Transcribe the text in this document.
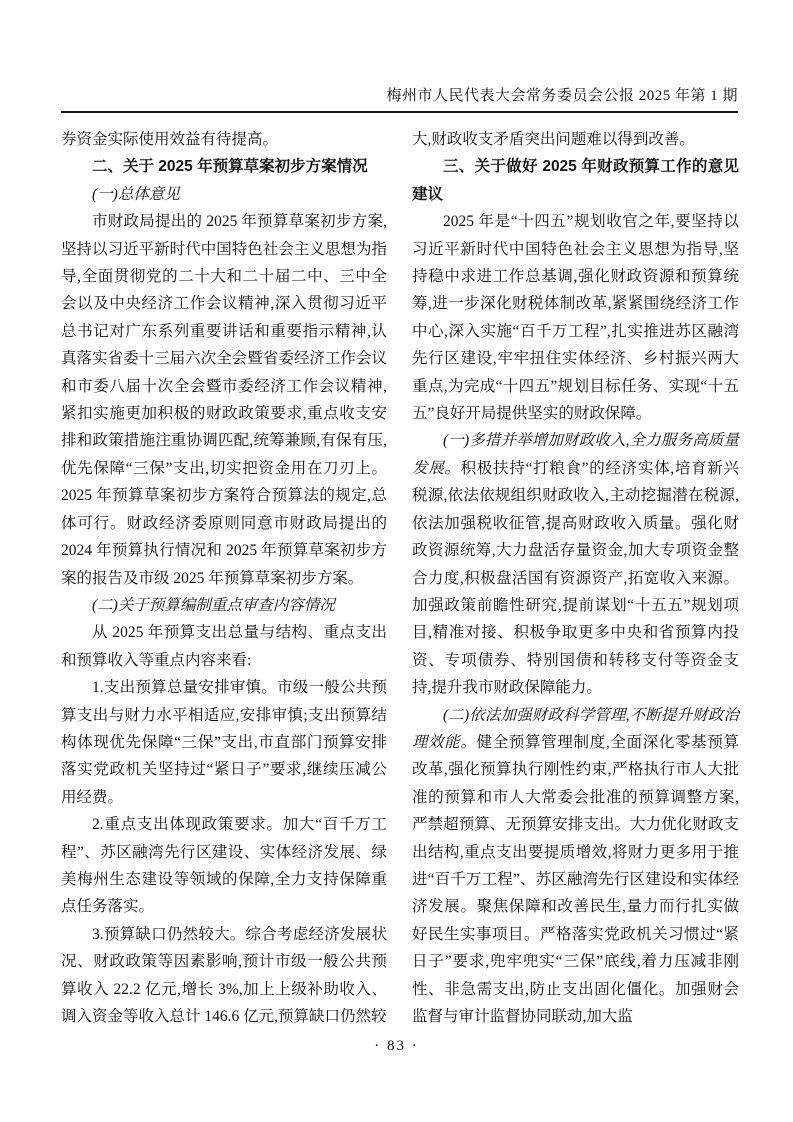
梅州市人民代表大会常务委员会公报 2025 年第 1 期

券资金实际使用效益有待提高。

二、关于 2025 年预算草案初步方案情况

(一)总体意见

市财政局提出的 2025 年预算草案初步方案,坚持以习近平新时代中国特色社会主义思想为指导,全面贯彻党的二十大和二十届二中、三中全会以及中央经济工作会议精神,深入贯彻习近平总书记对广东系列重要讲话和重要指示精神,认真落实省委十三届六次全会暨省委经济工作会议和市委八届十次全会暨市委经济工作会议精神,紧扣实施更加积极的财政政策要求,重点收支安排和政策措施注重协调匹配,统筹兼顾,有保有压,优先保障“三保”支出,切实把资金用在刀刃上。2025 年预算草案初步方案符合预算法的规定,总体可行。财政经济委原则同意市财政局提出的 2024 年预算执行情况和 2025 年预算草案初步方案的报告及市级 2025 年预算草案初步方案。

(二)关于预算编制重点审查内容情况

从 2025 年预算支出总量与结构、重点支出和预算收入等重点内容来看:

1.支出预算总量安排审慎。市级一般公共预算支出与财力水平相适应,安排审慎;支出预算结构体现优先保障“三保”支出,市直部门预算安排落实党政机关坚持过“紧日子”要求,继续压减公用经费。

2.重点支出体现政策要求。加大“百千万工程”、苏区融湾先行区建设、实体经济发展、绿美梅州生态建设等领域的保障,全力支持保障重点任务落实。

3.预算缺口仍然较大。综合考虑经济发展状况、财政政策等因素影响,预计市级一般公共预算收入 22.2 亿元,增长 3%,加上上级补助收入、调入资金等收入总计 146.6 亿元,预算缺口仍然较

大,财政收支矛盾突出问题难以得到改善。

三、关于做好 2025 年财政预算工作的意见建议

2025 年是“十四五”规划收官之年,要坚持以习近平新时代中国特色社会主义思想为指导,坚持稳中求进工作总基调,强化财政资源和预算统筹,进一步深化财税体制改革,紧紧围绕经济工作中心,深入实施“百千万工程”,扎实推进苏区融湾先行区建设,牢牢扭住实体经济、乡村振兴两大重点,为完成“十四五”规划目标任务、实现“十五五”良好开局提供坚实的财政保障。

(一)多措并举增加财政收入,全力服务高质量发展。积极扶持“打粮食”的经济实体,培育新兴税源,依法依规组织财政收入,主动挖掘潜在税源,依法加强税收征管,提高财政收入质量。强化财政资源统筹,大力盘活存量资金,加大专项资金整合力度,积极盘活国有资源资产,拓宽收入来源。加强政策前瞻性研究,提前谋划“十五五”规划项目,精准对接、积极争取更多中央和省预算内投资、专项债券、特别国债和转移支付等资金支持,提升我市财政保障能力。

(二)依法加强财政科学管理,不断提升财政治理效能。健全预算管理制度,全面深化零基预算改革,强化预算执行刚性约束,严格执行市人大批准的预算和市人大常委会批准的预算调整方案,严禁超预算、无预算安排支出。大力优化财政支出结构,重点支出要提质增效,将财力更多用于推进“百千万工程”、苏区融湾先行区建设和实体经济发展。聚焦保障和改善民生,量力而行扎实做好民生实事项目。严格落实党政机关习惯过“紧日子”要求,兜牢兜实“三保”底线,着力压减非刚性、非急需支出,防止支出固化僵化。加强财会监督与审计监督协同联动,加大监

· 83 ·
